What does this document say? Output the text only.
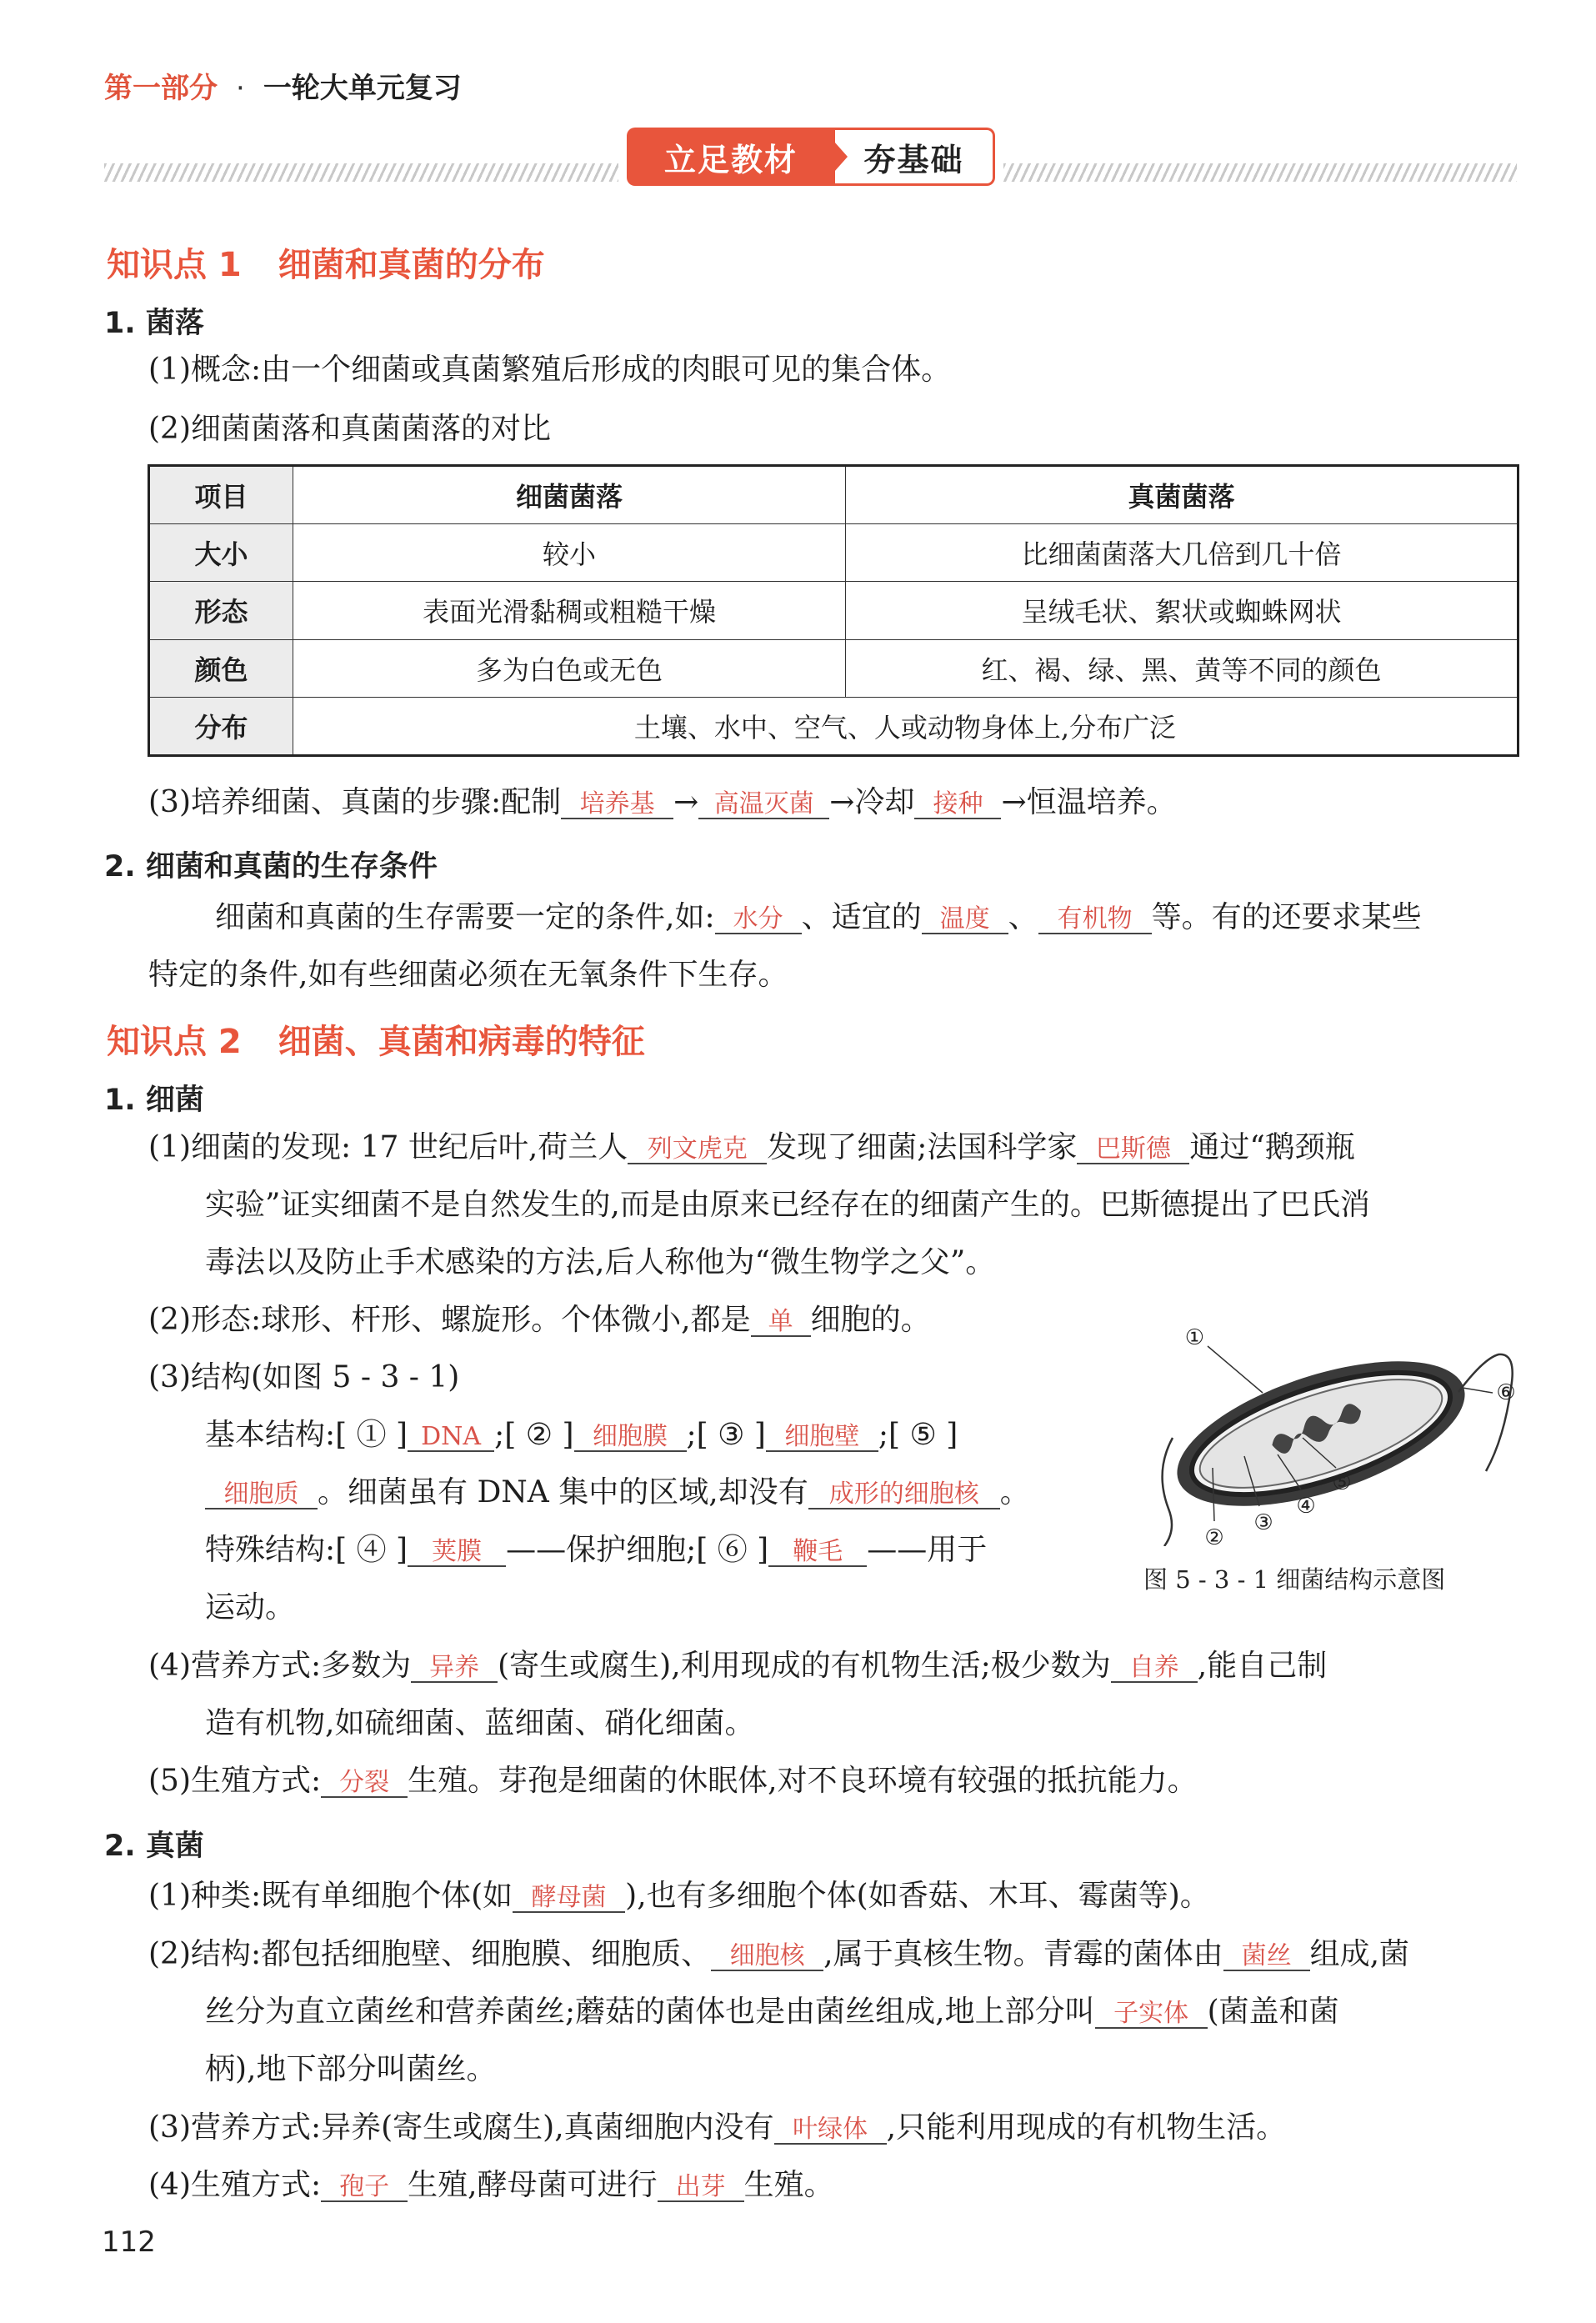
第一部分 · 一轮大单元复习
立足教材	夯基础
知识点 1 细菌和真菌的分布
1. 菌落
(1)概念:由一个细菌或真菌繁殖后形成的肉眼可见的集合体。
(2)细菌菌落和真菌菌落的对比
项目	细菌菌落	真菌菌落
大小	较小	比细菌菌落大几倍到几十倍
形态	表面光滑黏稠或粗糙干燥	呈绒毛状、絮状或蜘蛛网状
颜色	多为白色或无色	红、褐、绿、黑、黄等不同的颜色
分布	土壤、水中、空气、人或动物身体上,分布广泛	
(3)培养细菌、真菌的步骤:配制 培养基 → 高温灭菌 →冷却 接种 →恒温培养。
2. 细菌和真菌的生存条件
细菌和真菌的生存需要一定的条件,如: 水分 、适宜的 温度 、 有机物 等。有的还要求某些
特定的条件,如有些细菌必须在无氧条件下生存。
知识点 2 细菌、真菌和病毒的特征
1. 细菌
(1)细菌的发现: 17 世纪后叶,荷兰人 列文虎克 发现了细菌;法国科学家 巴斯德 通过“鹅颈瓶
实验”证实细菌不是自然发生的,而是由原来已经存在的细菌产生的。巴斯德提出了巴氏消
毒法以及防止手术感染的方法,后人称他为“微生物学之父”。
(2)形态:球形、杆形、螺旋形。个体微小,都是 单 细胞的。
(3)结构(如图 5 - 3 - 1)
基本结构:[ ① ] DNA ;[ ② ] 细胞膜 ;[ ③ ] 细胞壁 ;[ ⑤ ]
细胞质 。细菌虽有 DNA 集中的区域,却没有 成形的细胞核 。
特殊结构:[ ④ ] 荚膜 ——保护细胞;[ ⑥ ] 鞭毛 ——用于
运动。
①
②
③
④
⑤
⑥
图 5 - 3 - 1 细菌结构示意图
(4)营养方式:多数为 异养 (寄生或腐生),利用现成的有机物生活;极少数为 自养 ,能自己制
造有机物,如硫细菌、蓝细菌、硝化细菌。
(5)生殖方式: 分裂 生殖。芽孢是细菌的休眠体,对不良环境有较强的抵抗能力。
2. 真菌
(1)种类:既有单细胞个体(如 酵母菌 ),也有多细胞个体(如香菇、木耳、霉菌等)。
(2)结构:都包括细胞壁、细胞膜、细胞质、 细胞核 ,属于真核生物。青霉的菌体由 菌丝 组成,菌
丝分为直立菌丝和营养菌丝;蘑菇的菌体也是由菌丝组成,地上部分叫 子实体 (菌盖和菌
柄),地下部分叫菌丝。
(3)营养方式:异养(寄生或腐生),真菌细胞内没有 叶绿体 ,只能利用现成的有机物生活。
(4)生殖方式: 孢子 生殖,酵母菌可进行 出芽 生殖。
112
